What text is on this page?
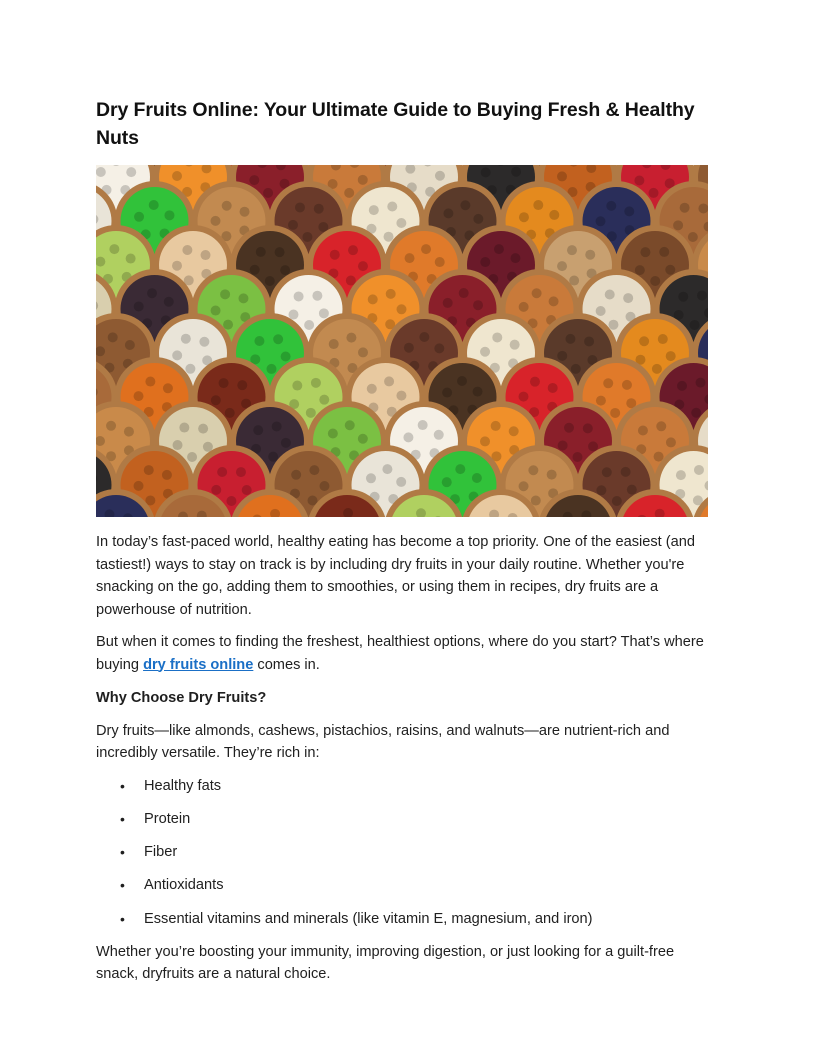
Dry Fruits Online: Your Ultimate Guide to Buying Fresh & Healthy Nuts

In today’s fast-paced world, healthy eating has become a top priority. One of the easiest (and tastiest!) ways to stay on track is by including dry fruits in your daily routine. Whether you're snacking on the go, adding them to smoothies, or using them in recipes, dry fruits are a powerhouse of nutrition.

But when it comes to finding the freshest, healthiest options, where do you start? That’s where buying dry fruits online comes in.

Why Choose Dry Fruits?

Dry fruits—like almonds, cashews, pistachios, raisins, and walnuts—are nutrient-rich and incredibly versatile. They’re rich in:

• Healthy fats
• Protein
• Fiber
• Antioxidants
• Essential vitamins and minerals (like vitamin E, magnesium, and iron)

Whether you’re boosting your immunity, improving digestion, or just looking for a guilt-free snack, dryfruits are a natural choice.
